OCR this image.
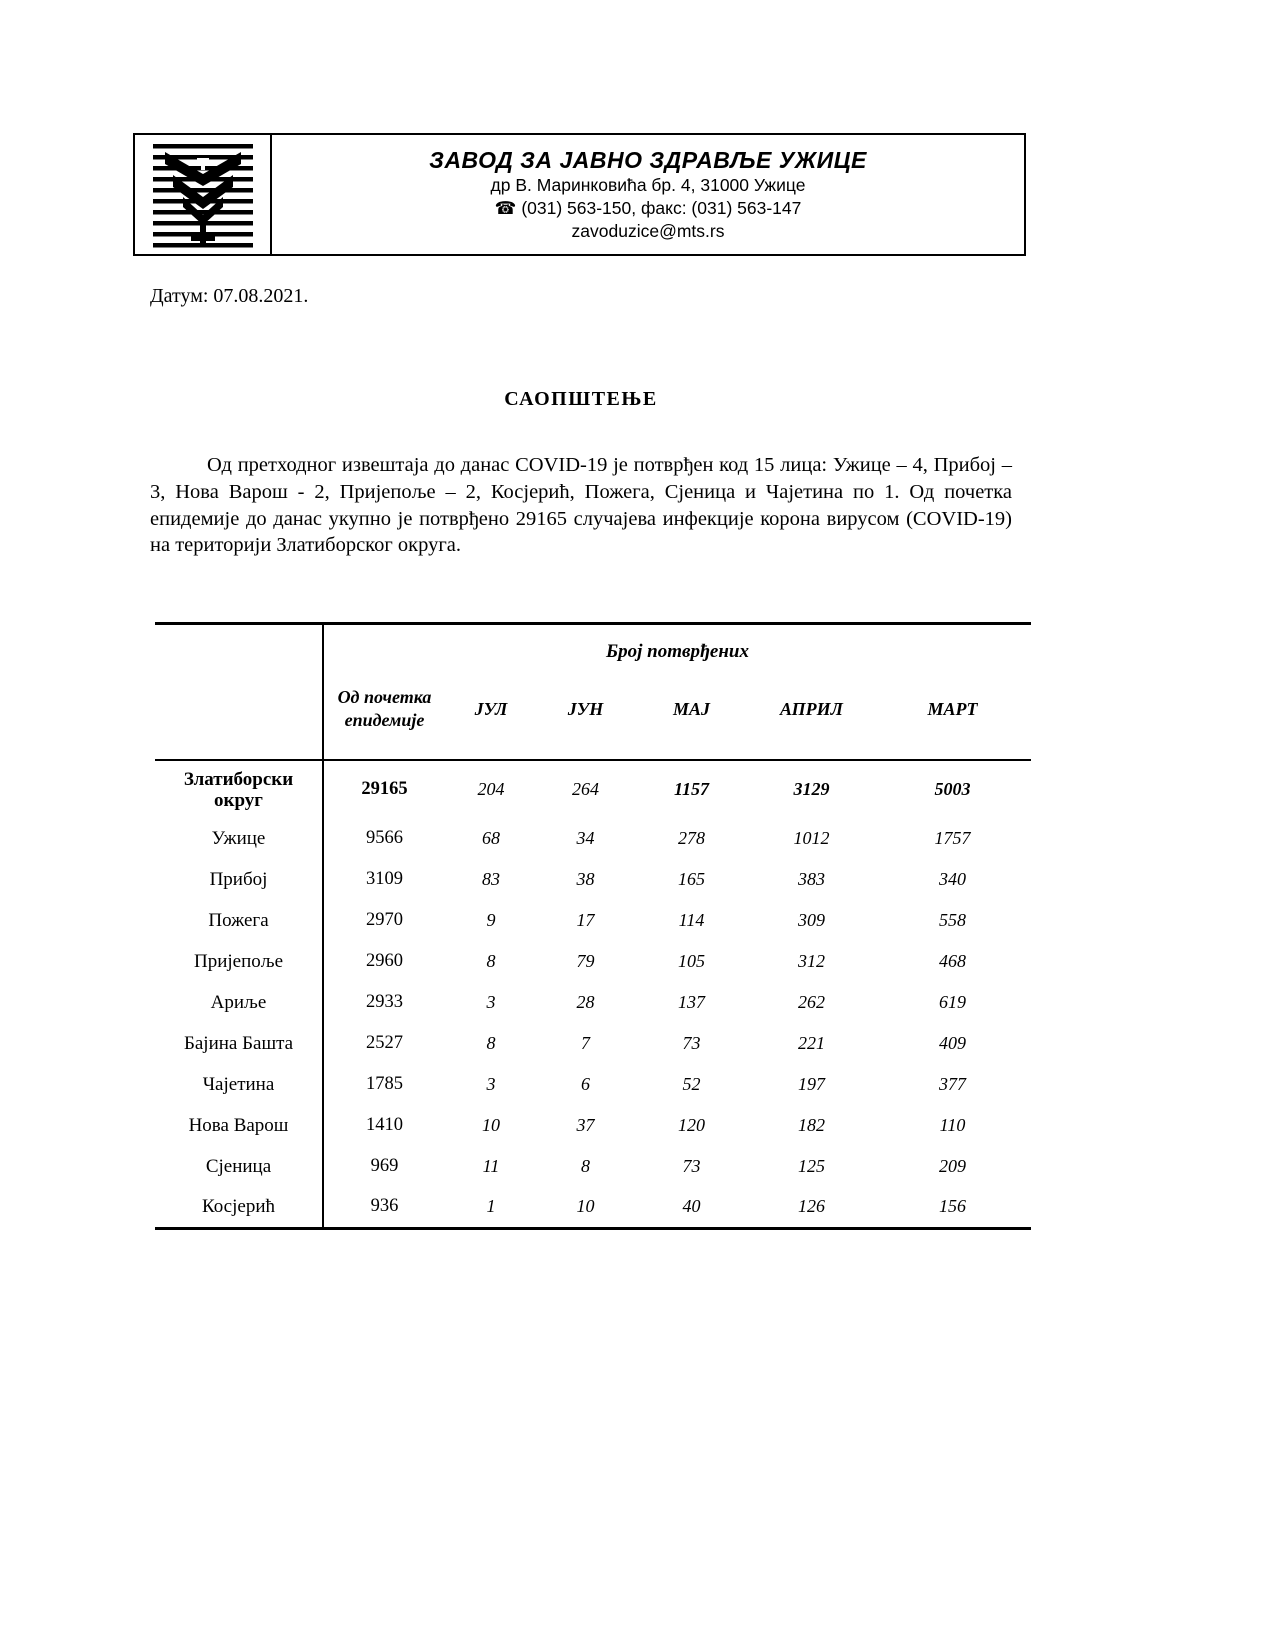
ЗАВОД ЗА ЈАВНО ЗДРАВЉЕ УЖИЦЕ
др В. Маринковића бр. 4, 31000 Ужице
☎ (031) 563-150, факс: (031) 563-147
zavoduzice@mts.rs
Датум: 07.08.2021.
САОПШТЕЊЕ
Од претходног извештаја до данас COVID-19 је потврђен код 15 лица: Ужице – 4, Прибој – 3, Нова Варош - 2, Пријепоље – 2, Косјерић, Пожега, Сјеница и Чајетина по 1. Од почетка епидемије до данас укупно је потврђено 29165 случајева инфекције корона вирусом (COVID-19) на територији Златиборског округа.
	Број потврђених					
	Од почетка епидемије	ЈУЛ	ЈУН	МАЈ	АПРИЛ	МАРТ
Златиборски округ	29165	204	264	1157	3129	5003
Ужице	9566	68	34	278	1012	1757
Прибој	3109	83	38	165	383	340
Пожега	2970	9	17	114	309	558
Пријепоље	2960	8	79	105	312	468
Ариље	2933	3	28	137	262	619
Бајина Башта	2527	8	7	73	221	409
Чајетина	1785	3	6	52	197	377
Нова Варош	1410	10	37	120	182	110
Сјеница	969	11	8	73	125	209
Косјерић	936	1	10	40	126	156
